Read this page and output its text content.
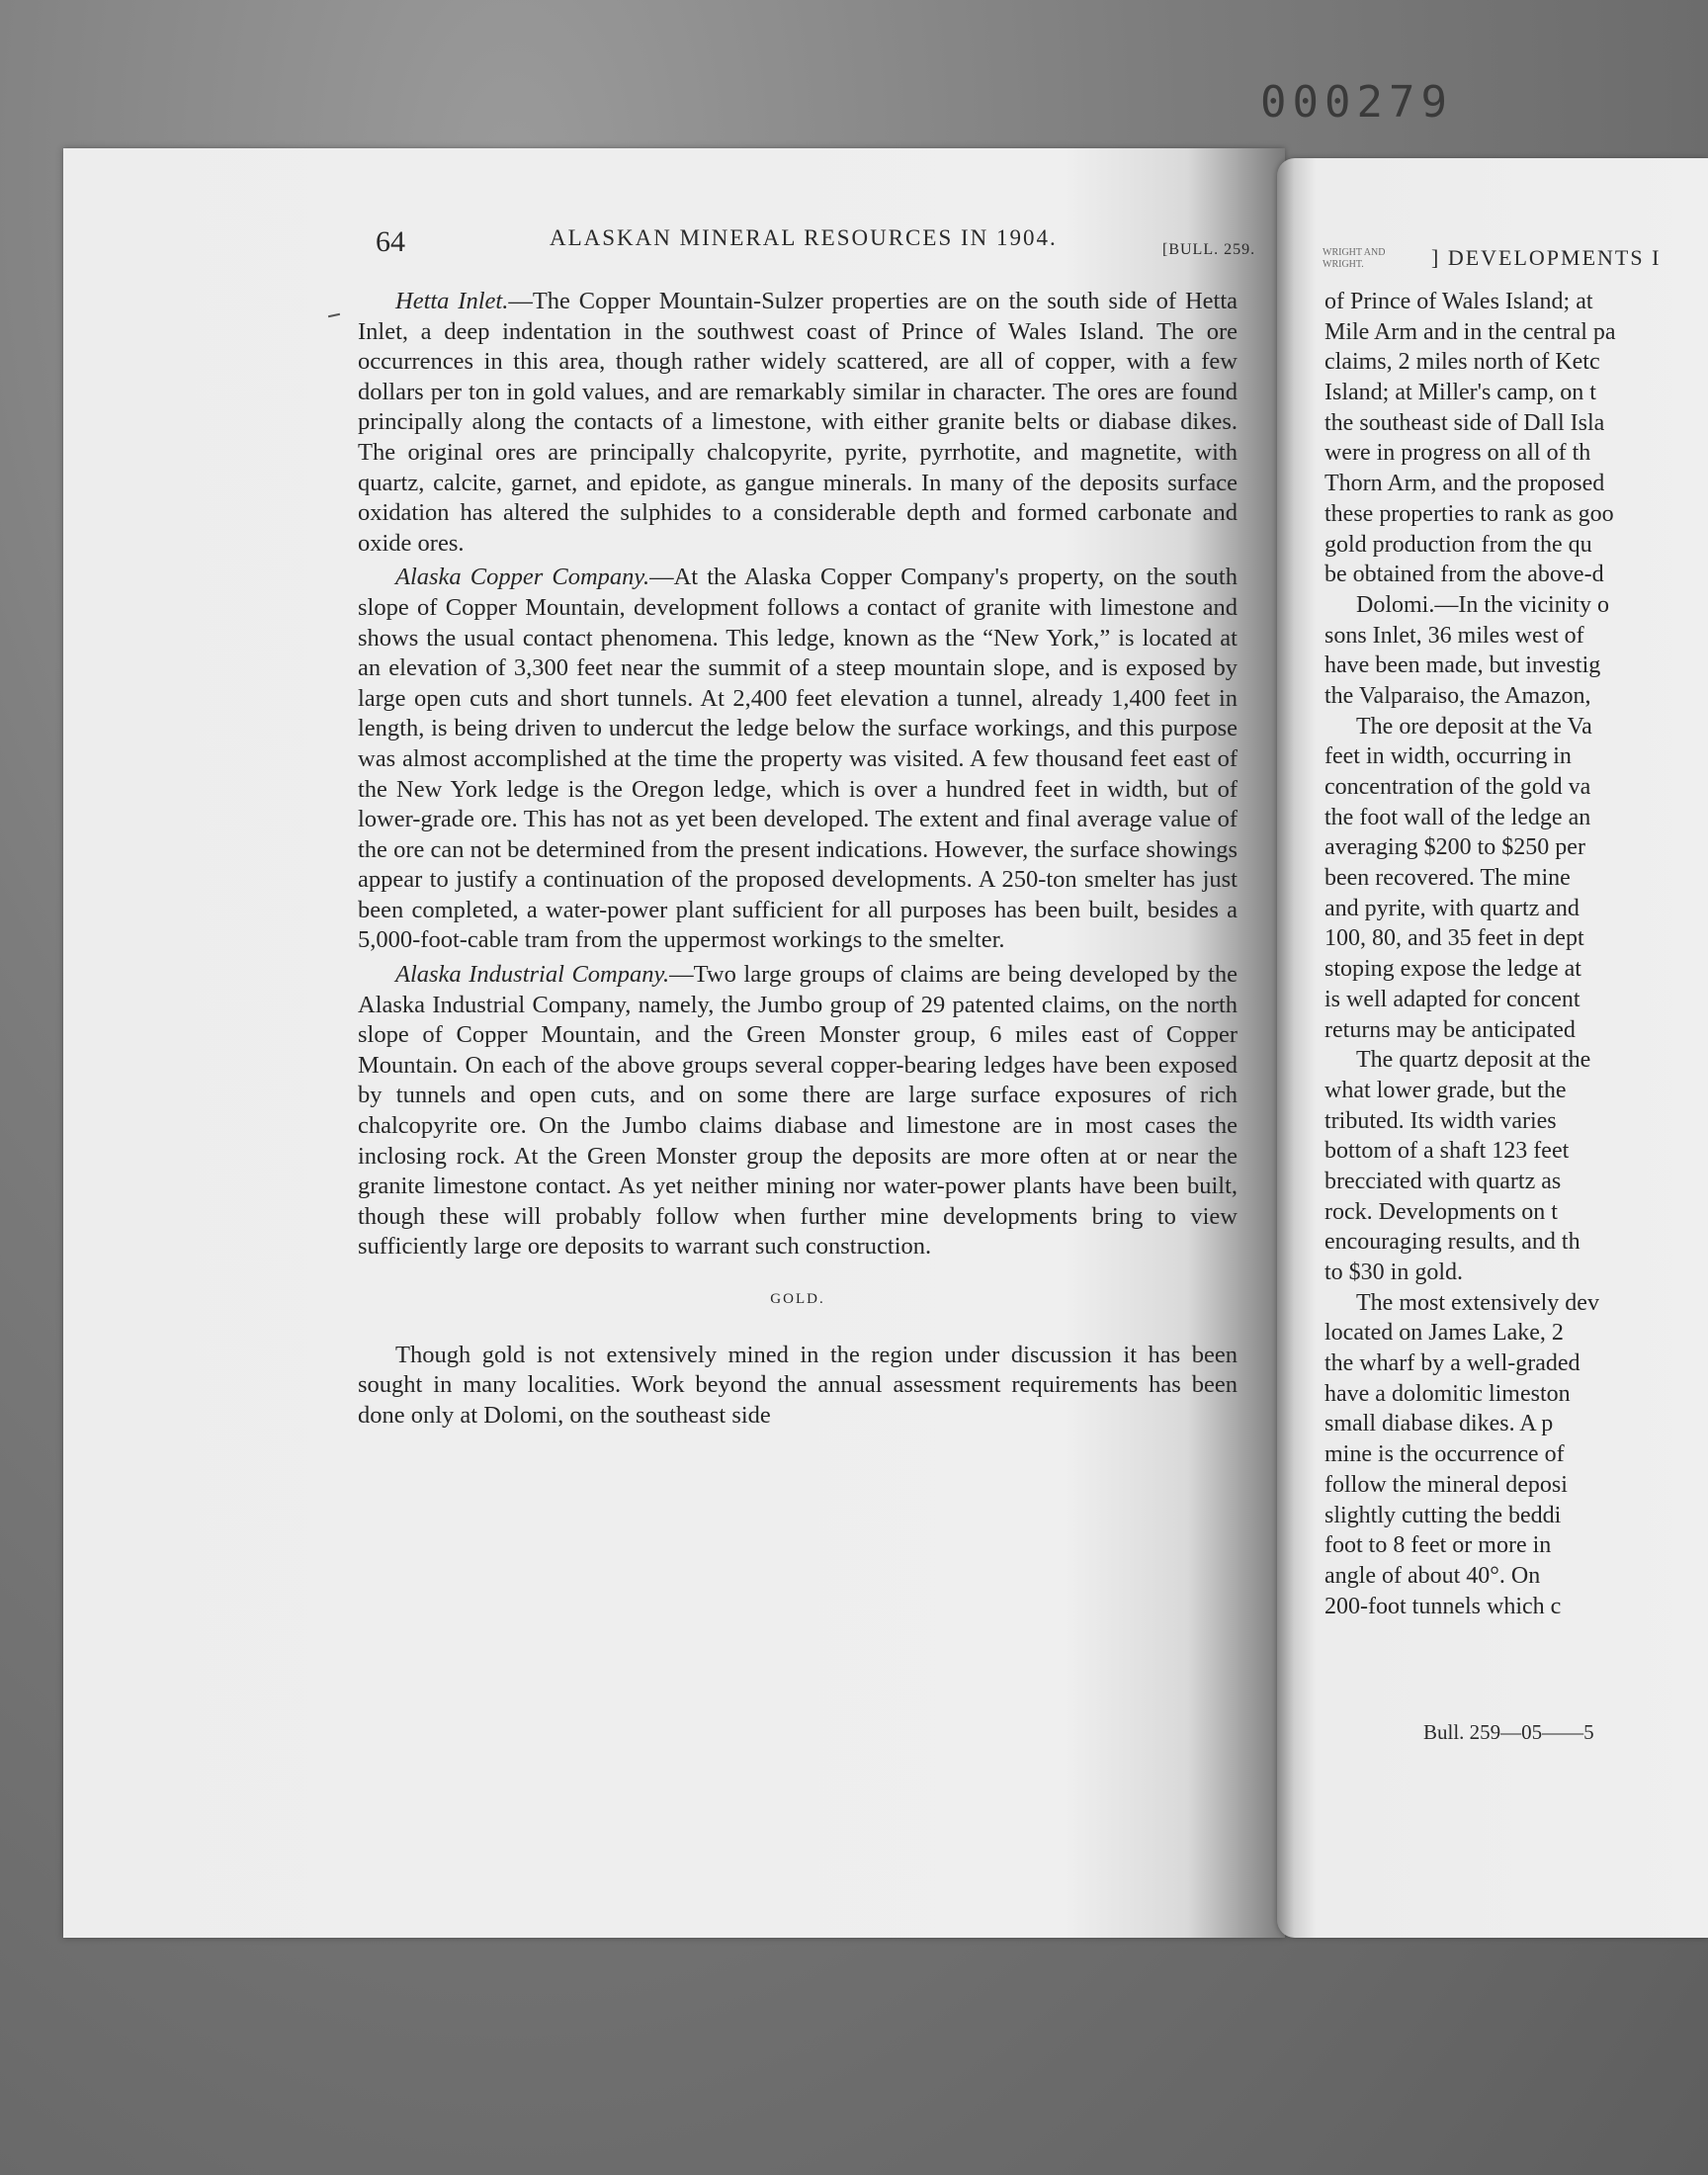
000279
64	ALASKAN MINERAL RESOURCES IN 1904.	[BULL. 259.

Hetta Inlet.—The Copper Mountain-Sulzer properties are on the south side of Hetta Inlet, a deep indentation in the southwest coast of Prince of Wales Island. The ore occurrences in this area, though rather widely scattered, are all of copper, with a few dollars per ton in gold values, and are remarkably similar in character. The ores are found principally along the contacts of a limestone, with either granite belts or diabase dikes. The original ores are principally chalcopyrite, pyrite, pyrrhotite, and magnetite, with quartz, calcite, garnet, and epidote, as gangue minerals. In many of the deposits surface oxidation has altered the sulphides to a considerable depth and formed carbonate and oxide ores.

Alaska Copper Company.—At the Alaska Copper Company's property, on the south slope of Copper Mountain, development follows a contact of granite with limestone and shows the usual contact phenomena. This ledge, known as the “New York,” is located at an elevation of 3,300 feet near the summit of a steep mountain slope, and is exposed by large open cuts and short tunnels. At 2,400 feet elevation a tunnel, already 1,400 feet in length, is being driven to undercut the ledge below the surface workings, and this purpose was almost accomplished at the time the property was visited. A few thousand feet east of the New York ledge is the Oregon ledge, which is over a hundred feet in width, but of lower-grade ore. This has not as yet been developed. The extent and final average value of the ore can not be determined from the present indications. However, the surface showings appear to justify a continuation of the proposed developments. A 250-ton smelter has just been completed, a water-power plant sufficient for all purposes has been built, besides a 5,000-foot-cable tram from the uppermost workings to the smelter.

Alaska Industrial Company.—Two large groups of claims are being developed by the Alaska Industrial Company, namely, the Jumbo group of 29 patented claims, on the north slope of Copper Mountain, and the Green Monster group, 6 miles east of Copper Mountain. On each of the above groups several copper-bearing ledges have been exposed by tunnels and open cuts, and on some there are large surface exposures of rich chalcopyrite ore. On the Jumbo claims diabase and limestone are in most cases the inclosing rock. At the Green Monster group the deposits are more often at or near the granite limestone contact. As yet neither mining nor water-power plants have been built, though these will probably follow when further mine developments bring to view sufficiently large ore deposits to warrant such construction.

GOLD.

Though gold is not extensively mined in the region under discussion it has been sought in many localities. Work beyond the annual assessment requirements has been done only at Dolomi, on the southeast side

WRIGHT AND
WRIGHT.	] DEVELOPMENTS I
of Prince of Wales Island; at
Mile Arm and in the central pa
claims, 2 miles north of Ketc
Island; at Miller's camp, on t
the southeast side of Dall Isla
were in progress on all of th
Thorn Arm, and the proposed
these properties to rank as goo
gold production from the qu
be obtained from the above-d
Dolomi.—In the vicinity o
sons Inlet, 36 miles west of
have been made, but investig
the Valparaiso, the Amazon,
The ore deposit at the Va
feet in width, occurring in
concentration of the gold va
the foot wall of the ledge an
averaging $200 to $250 per
been recovered. The mine
and pyrite, with quartz and
100, 80, and 35 feet in dept
stoping expose the ledge at
is well adapted for concent
returns may be anticipated
The quartz deposit at the
what lower grade, but the
tributed. Its width varies
bottom of a shaft 123 feet
brecciated with quartz as
rock. Developments on t
encouraging results, and th
to $30 in gold.
The most extensively dev
located on James Lake, 2
the wharf by a well-graded
have a dolomitic limeston
small diabase dikes. A p
mine is the occurrence of
follow the mineral deposi
slightly cutting the beddi
foot to 8 feet or more in
angle of about 40°. On
200-foot tunnels which c
Bull. 259—05——5
